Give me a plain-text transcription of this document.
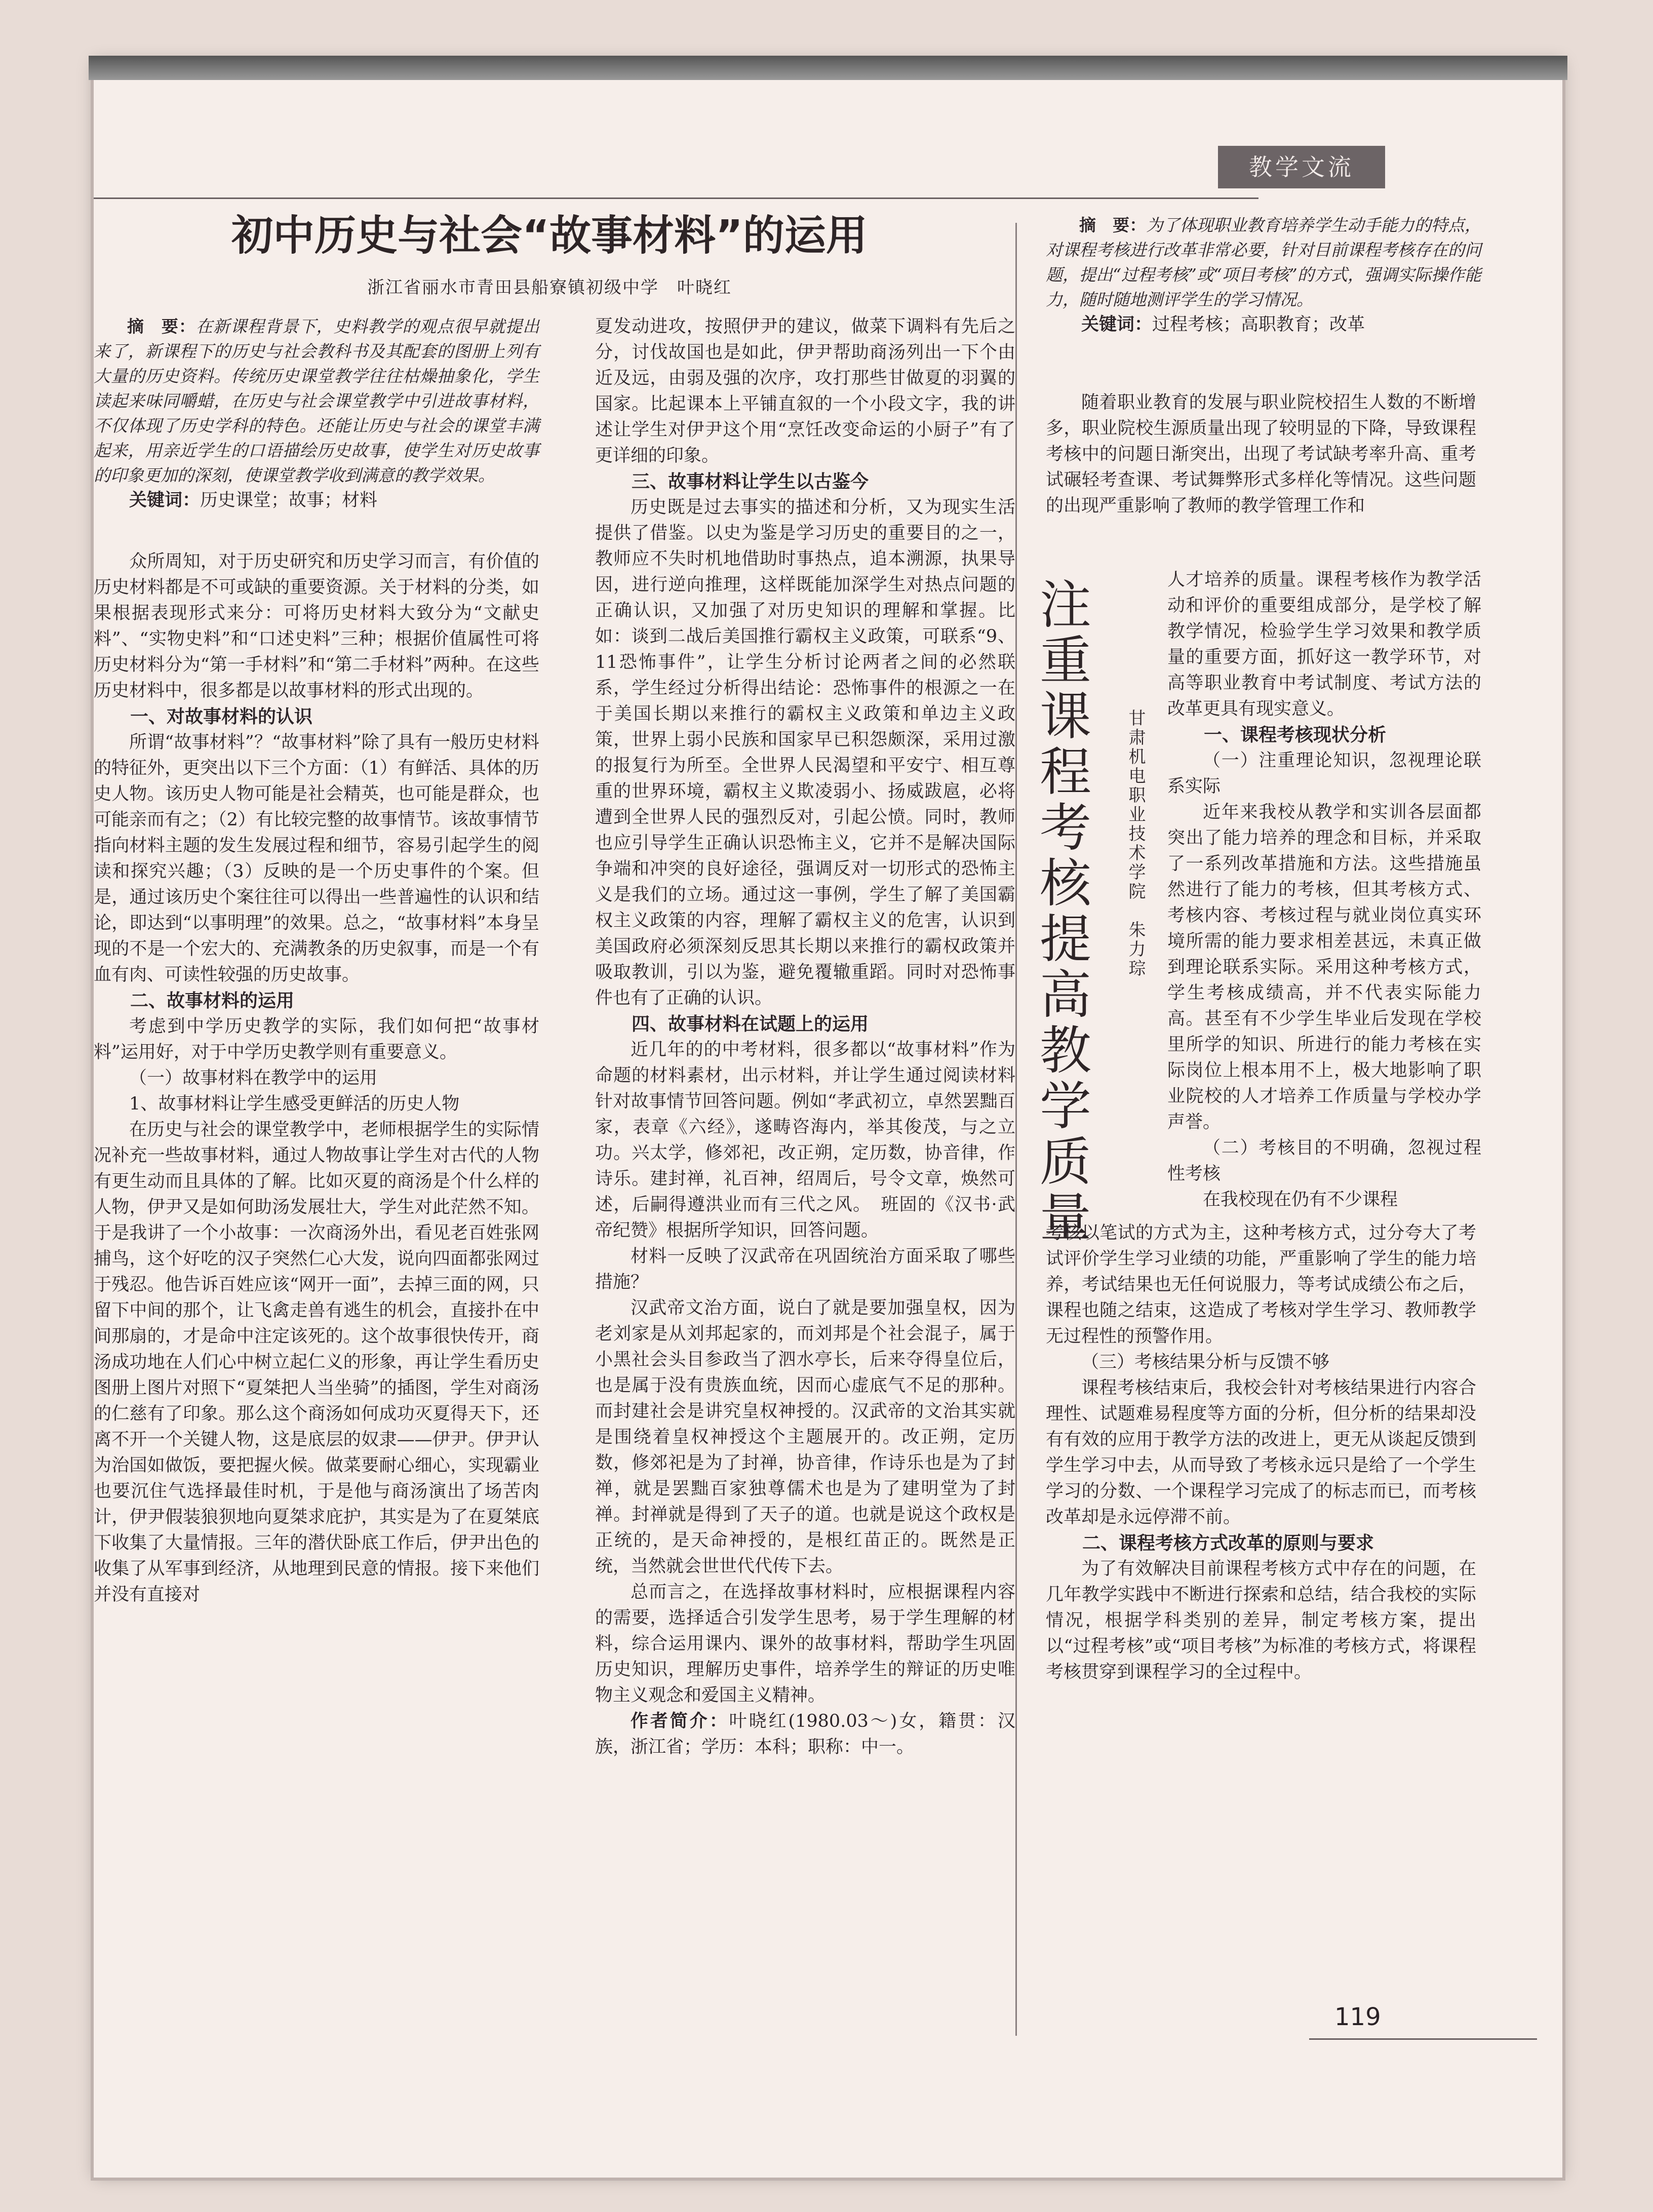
教学文流
初中历史与社会“故事材料”的运用
浙江省丽水市青田县船寮镇初级中学　叶晓红

摘　要：在新课程背景下，史料教学的观点很早就提出来了，新课程下的历史与社会教科书及其配套的图册上列有大量的历史资料。传统历史课堂教学往往枯燥抽象化，学生读起来味同嚼蜡，在历史与社会课堂教学中引进故事材料，不仅体现了历史学科的特色。还能让历史与社会的课堂丰满起来，用亲近学生的口语描绘历史故事，使学生对历史故事的印象更加的深刻，使课堂教学收到满意的教学效果。

关键词：历史课堂；故事；材料

众所周知，对于历史研究和历史学习而言，有价值的历史材料都是不可或缺的重要资源。关于材料的分类，如果根据表现形式来分：可将历史材料大致分为“文献史料”、“实物史料”和“口述史料”三种；根据价值属性可将历史材料分为“第一手材料”和“第二手材料”两种。在这些历史材料中，很多都是以故事材料的形式出现的。

一、对故事材料的认识

所谓“故事材料”？“故事材料”除了具有一般历史材料的特征外，更突出以下三个方面：（1）有鲜活、具体的历史人物。该历史人物可能是社会精英，也可能是群众，也可能亲而有之；（2）有比较完整的故事情节。该故事情节指向材料主题的发生发展过程和细节，容易引起学生的阅读和探究兴趣；（3）反映的是一个历史事件的个案。但是，通过该历史个案往往可以得出一些普遍性的认识和结论，即达到“以事明理”的效果。总之，“故事材料”本身呈现的不是一个宏大的、充满教条的历史叙事，而是一个有血有肉、可读性较强的历史故事。

二、故事材料的运用

考虑到中学历史教学的实际，我们如何把“故事材料”运用好，对于中学历史教学则有重要意义。

（一）故事材料在教学中的运用

1、故事材料让学生感受更鲜活的历史人物

在历史与社会的课堂教学中，老师根据学生的实际情况补充一些故事材料，通过人物故事让学生对古代的人物有更生动而且具体的了解。比如灭夏的商汤是个什么样的人物，伊尹又是如何助汤发展壮大，学生对此茫然不知。于是我讲了一个小故事：一次商汤外出，看见老百姓张网捕鸟，这个好吃的汉子突然仁心大发，说向四面都张网过于残忍。他告诉百姓应该“网开一面”，去掉三面的网，只留下中间的那个，让飞禽走兽有逃生的机会，直接扑在中间那扇的，才是命中注定该死的。这个故事很快传开，商汤成功地在人们心中树立起仁义的形象，再让学生看历史图册上图片对照下“夏桀把人当坐骑”的插图，学生对商汤的仁慈有了印象。那么这个商汤如何成功灭夏得天下，还离不开一个关键人物，这是底层的奴隶——伊尹。伊尹认为治国如做饭，要把握火候。做菜要耐心细心，实现霸业也要沉住气选择最佳时机，于是他与商汤演出了场苦肉计，伊尹假装狼狈地向夏桀求庇护，其实是为了在夏桀底下收集了大量情报。三年的潜伏卧底工作后，伊尹出色的收集了从军事到经济，从地理到民意的情报。接下来他们并没有直接对

夏发动进攻，按照伊尹的建议，做菜下调料有先后之分，讨伐故国也是如此，伊尹帮助商汤列出一下个由近及远，由弱及强的次序，攻打那些甘做夏的羽翼的国家。比起课本上平铺直叙的一个小段文字，我的讲述让学生对伊尹这个用“烹饪改变命运的小厨子”有了更详细的印象。

三、故事材料让学生以古鉴今

历史既是过去事实的描述和分析，又为现实生活提供了借鉴。以史为鉴是学习历史的重要目的之一，教师应不失时机地借助时事热点，追本溯源，执果导因，进行逆向推理，这样既能加深学生对热点问题的正确认识，又加强了对历史知识的理解和掌握。比如：谈到二战后美国推行霸权主义政策，可联系“9、11恐怖事件”，让学生分析讨论两者之间的必然联系，学生经过分析得出结论：恐怖事件的根源之一在于美国长期以来推行的霸权主义政策和单边主义政策，世界上弱小民族和国家早已积怨颇深，采用过激的报复行为所至。全世界人民渴望和平安宁、相互尊重的世界环境，霸权主义欺凌弱小、扬威跋扈，必将遭到全世界人民的强烈反对，引起公愤。同时，教师也应引导学生正确认识恐怖主义，它并不是解决国际争端和冲突的良好途径，强调反对一切形式的恐怖主义是我们的立场。通过这一事例，学生了解了美国霸权主义政策的内容，理解了霸权主义的危害，认识到美国政府必须深刻反思其长期以来推行的霸权政策并吸取教训，引以为鉴，避免覆辙重蹈。同时对恐怖事件也有了正确的认识。

四、故事材料在试题上的运用

近几年的的中考材料，很多都以“故事材料”作为命题的材料素材，出示材料，并让学生通过阅读材料针对故事情节回答问题。例如“孝武初立，卓然罢黜百家，表章《六经》，遂畴咨海内，举其俊茂，与之立功。兴太学，修郊祀，改正朔，定历数，协音律，作诗乐。建封禅，礼百神，绍周后，号令文章，焕然可述，后嗣得遵洪业而有三代之风。　班固的《汉书·武帝纪赞》根据所学知识，回答问题。

材料一反映了汉武帝在巩固统治方面采取了哪些措施？

汉武帝文治方面，说白了就是要加强皇权，因为老刘家是从刘邦起家的，而刘邦是个社会混子，属于小黑社会头目参政当了泗水亭长，后来夺得皇位后，也是属于没有贵族血统，因而心虚底气不足的那种。而封建社会是讲究皇权神授的。汉武帝的文治其实就是围绕着皇权神授这个主题展开的。改正朔，定历数，修郊祀是为了封禅，协音律，作诗乐也是为了封禅，就是罢黜百家独尊儒术也是为了建明堂为了封禅。封禅就是得到了天子的道。也就是说这个政权是正统的，是天命神授的，是根红苗正的。既然是正统，当然就会世世代代传下去。

总而言之，在选择故事材料时，应根据课程内容的需要，选择适合引发学生思考，易于学生理解的材料，综合运用课内、课外的故事材料，帮助学生巩固历史知识，理解历史事件，培养学生的辩证的历史唯物主义观念和爱国主义精神。

作者简介：叶晓红(1980.03～)女，籍贯：汉族，浙江省；学历：本科；职称：中一。

摘　要：为了体现职业教育培养学生动手能力的特点，对课程考核进行改革非常必要，针对目前课程考核存在的问题，提出“过程考核”或“项目考核”的方式，强调实际操作能力，随时随地测评学生的学习情况。

关键词：过程考核；高职教育；改革

随着职业教育的发展与职业院校招生人数的不断增多，职业院校生源质量出现了较明显的下降，导致课程考核中的问题日渐突出，出现了考试缺考率升高、重考试碾轻考查课、考试舞弊形式多样化等情况。这些问题的出现严重影响了教师的教学管理工作和

注重课程考核提高教学质量	甘肃机电职业技术学院　朱力琮

人才培养的质量。课程考核作为教学活动和评价的重要组成部分，是学校了解教学情况，检验学生学习效果和教学质量的重要方面，抓好这一教学环节，对高等职业教育中考试制度、考试方法的改革更具有现实意义。

一、课程考核现状分析

（一）注重理论知识，忽视理论联系实际

近年来我校从教学和实训各层面都突出了能力培养的理念和目标，并采取了一系列改革措施和方法。这些措施虽然进行了能力的考核，但其考核方式、考核内容、考核过程与就业岗位真实环境所需的能力要求相差甚远，未真正做到理论联系实际。采用这种考核方式，学生考核成绩高，并不代表实际能力高。甚至有不少学生毕业后发现在学校里所学的知识、所进行的能力考核在实际岗位上根本用不上，极大地影响了职业院校的人才培养工作质量与学校办学声誉。

（二）考核目的不明确，忽视过程性考核

在我校现在仍有不少课程

考核以笔试的方式为主，这种考核方式，过分夸大了考试评价学生学习业绩的功能，严重影响了学生的能力培养，考试结果也无任何说服力，等考试成绩公布之后，课程也随之结束，这造成了考核对学生学习、教师教学无过程性的预警作用。

（三）考核结果分析与反馈不够

课程考核结束后，我校会针对考核结果进行内容合理性、试题难易程度等方面的分析，但分析的结果却没有有效的应用于教学方法的改进上，更无从谈起反馈到学生学习中去，从而导致了考核永远只是给了一个学生学习的分数、一个课程学习完成了的标志而已，而考核改革却是永远停滞不前。

二、课程考核方式改革的原则与要求

为了有效解决目前课程考核方式中存在的问题，在几年教学实践中不断进行探索和总结，结合我校的实际情况，根据学科类别的差异，制定考核方案，提出以“过程考核”或“项目考核”为标准的考核方式，将课程考核贯穿到课程学习的全过程中。

119
